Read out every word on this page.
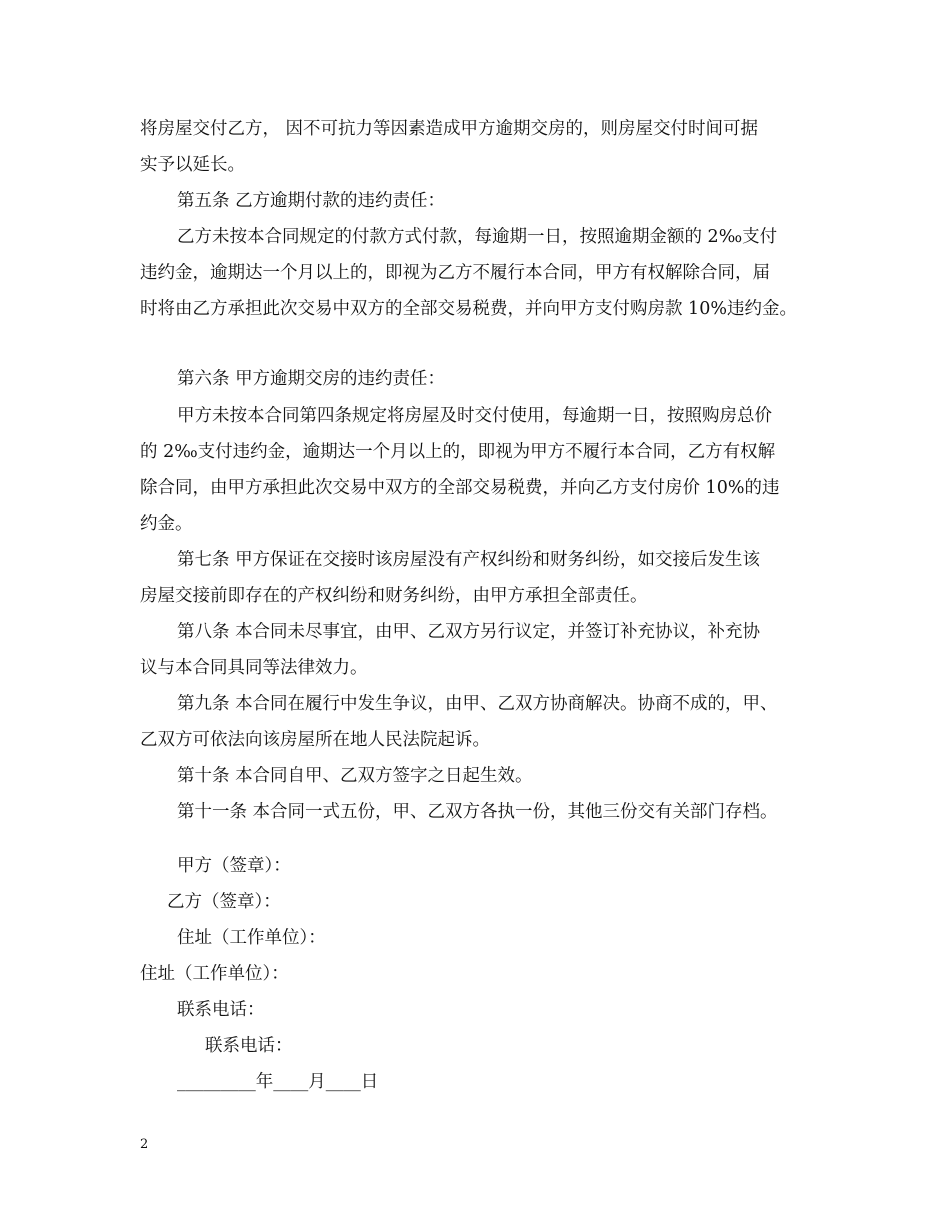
将房屋交付乙方， 因不可抗力等因素造成甲方逾期交房的，则房屋交付时间可据

实予以延长。

第五条 乙方逾期付款的违约责任：

乙方未按本合同规定的付款方式付款，每逾期一日，按照逾期金额的 2‰支付

违约金，逾期达一个月以上的，即视为乙方不履行本合同，甲方有权解除合同，届

时将由乙方承担此次交易中双方的全部交易税费，并向甲方支付购房款 10%违约金。

第六条 甲方逾期交房的违约责任：

甲方未按本合同第四条规定将房屋及时交付使用，每逾期一日，按照购房总价

的 2‰支付违约金，逾期达一个月以上的，即视为甲方不履行本合同，乙方有权解

除合同，由甲方承担此次交易中双方的全部交易税费，并向乙方支付房价 10%的违

约金。

第七条 甲方保证在交接时该房屋没有产权纠纷和财务纠纷，如交接后发生该

房屋交接前即存在的产权纠纷和财务纠纷，由甲方承担全部责任。

第八条 本合同未尽事宜，由甲、乙双方另行议定，并签订补充协议，补充协

议与本合同具同等法律效力。

第九条 本合同在履行中发生争议，由甲、乙双方协商解决。协商不成的，甲、

乙双方可依法向该房屋所在地人民法院起诉。

第十条 本合同自甲、乙双方签字之日起生效。

第十一条 本合同一式五份，甲、乙双方各执一份，其他三份交有关部门存档。

甲方（签章）：

乙方（签章）：

住址（工作单位）：

住址（工作单位）：

联系电话：

联系电话：

_________年____月____日

2
